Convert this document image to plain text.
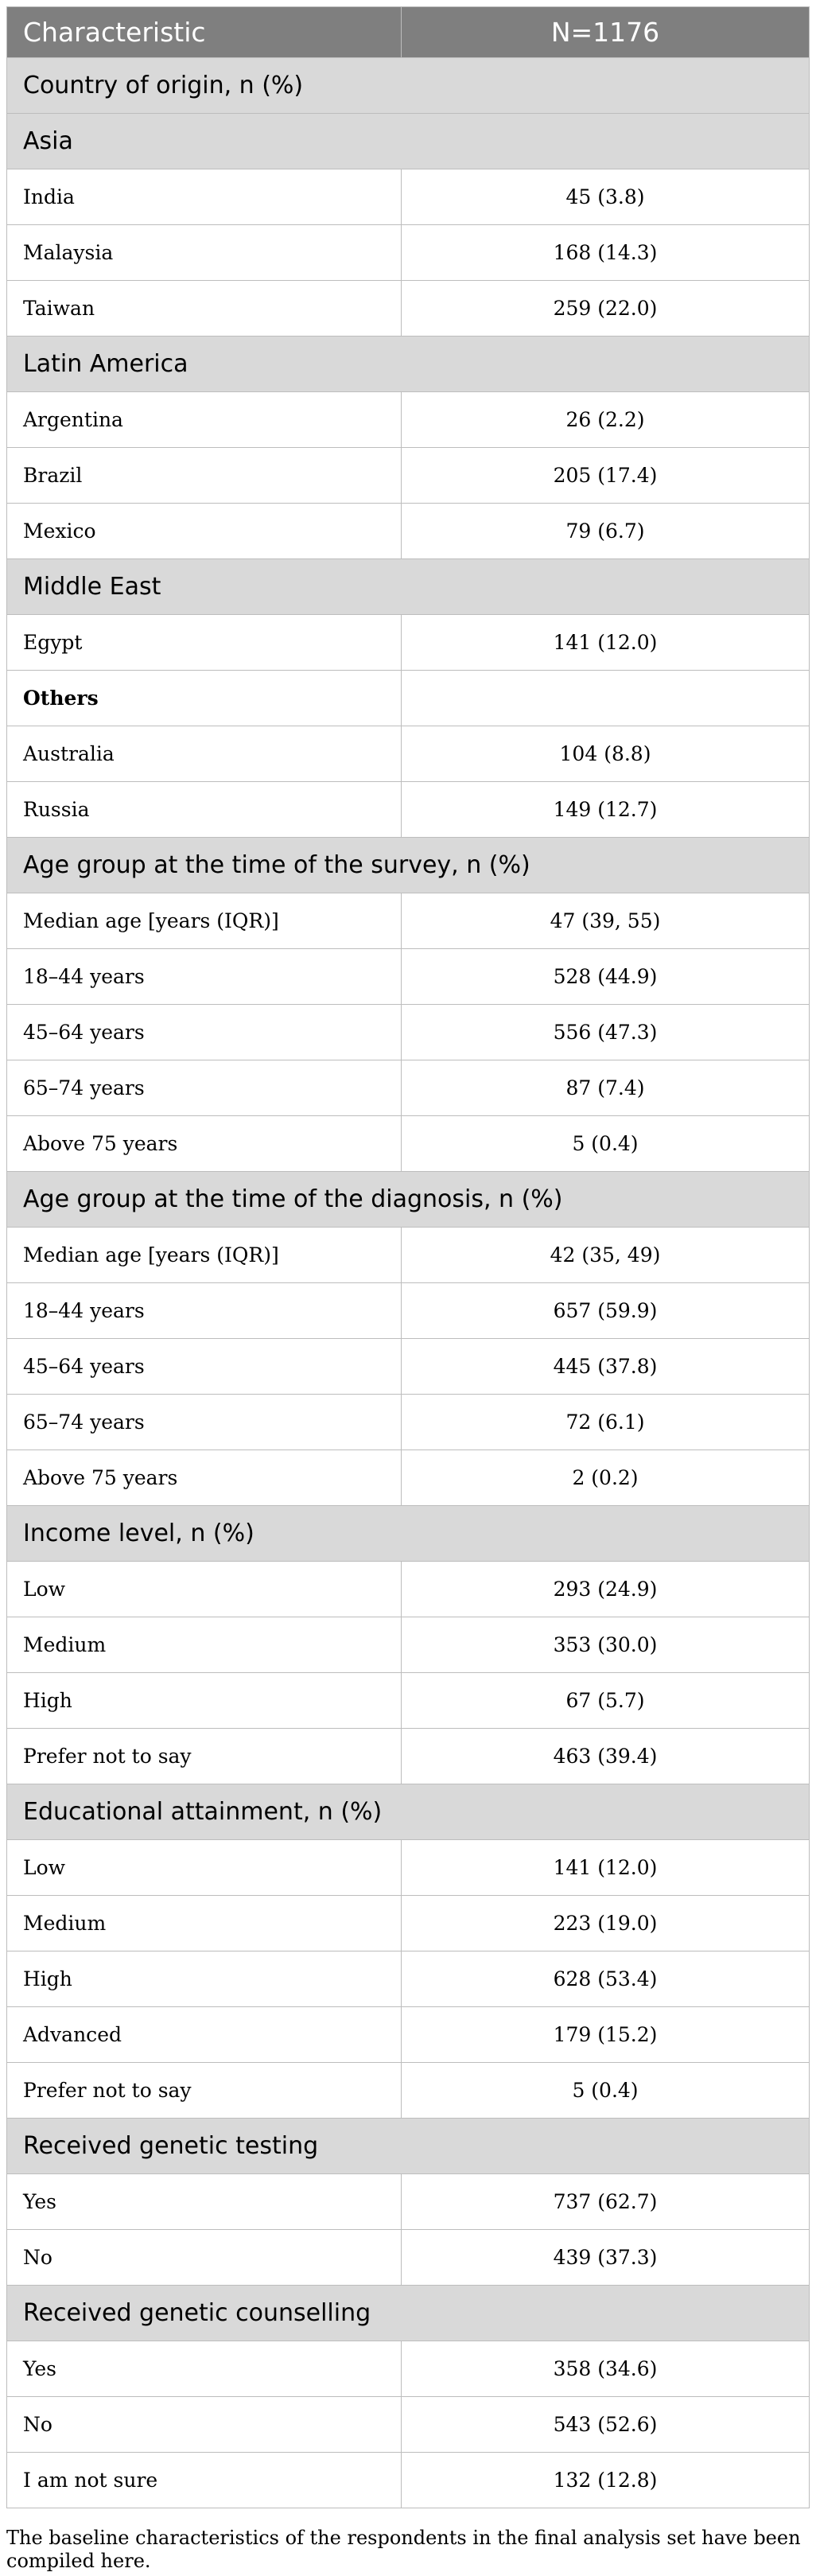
Characteristic	N=1176
Country of origin, n (%)	
Asia	
India	45 (3.8)
Malaysia	168 (14.3)
Taiwan	259 (22.0)
Latin America	
Argentina	26 (2.2)
Brazil	205 (17.4)
Mexico	79 (6.7)
Middle East	
Egypt	141 (12.0)
Others	
Australia	104 (8.8)
Russia	149 (12.7)
Age group at the time of the survey, n (%)	
Median age [years (IQR)]	47 (39, 55)
18–44 years	528 (44.9)
45–64 years	556 (47.3)
65–74 years	87 (7.4)
Above 75 years	5 (0.4)
Age group at the time of the diagnosis, n (%)	
Median age [years (IQR)]	42 (35, 49)
18–44 years	657 (59.9)
45–64 years	445 (37.8)
65–74 years	72 (6.1)
Above 75 years	2 (0.2)
Income level, n (%)	
Low	293 (24.9)
Medium	353 (30.0)
High	67 (5.7)
Prefer not to say	463 (39.4)
Educational attainment, n (%)	
Low	141 (12.0)
Medium	223 (19.0)
High	628 (53.4)
Advanced	179 (15.2)
Prefer not to say	5 (0.4)
Received genetic testing	
Yes	737 (62.7)
No	439 (37.3)
Received genetic counselling	
Yes	358 (34.6)
No	543 (52.6)
I am not sure	132 (12.8)

The baseline characteristics of the respondents in the final analysis set have been compiled here.
